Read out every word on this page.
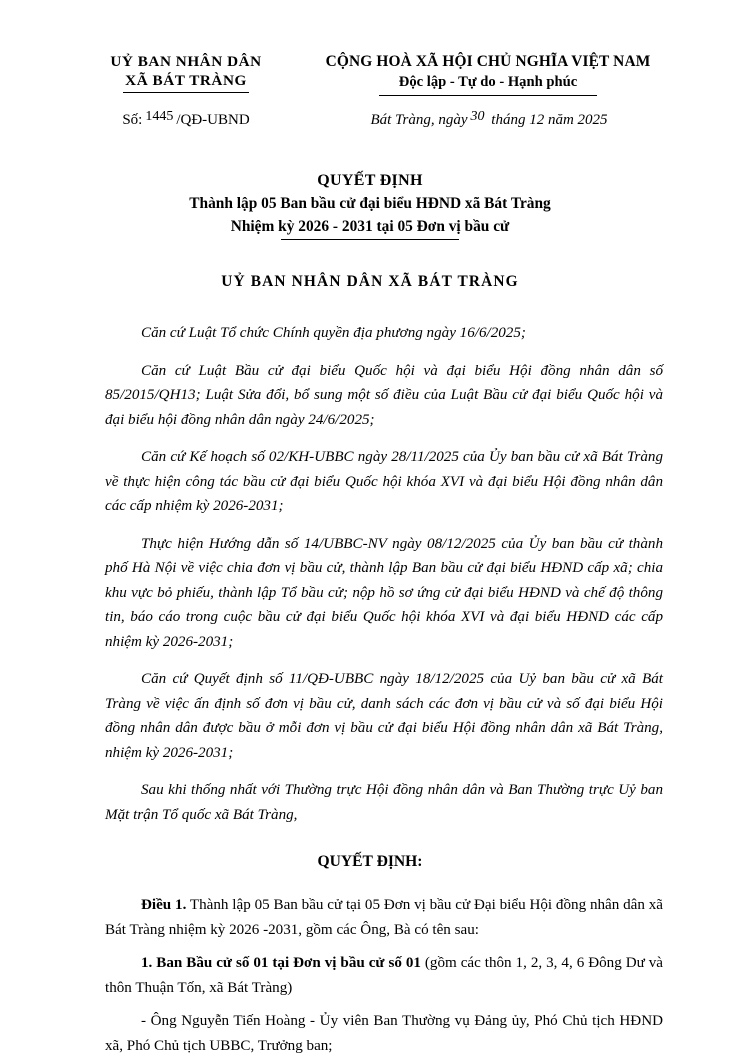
UỶ BAN NHÂN DÂN
XÃ BÁT TRÀNG
CỘNG HOÀ XÃ HỘI CHỦ NGHĨA VIỆT NAM
Độc lập - Tự do - Hạnh phúc
Số: 1445 /QĐ-UBND	Bát Tràng, ngày 30 tháng 12 năm 2025
QUYẾT ĐỊNH
Thành lập 05 Ban bầu cử đại biểu HĐND xã Bát Tràng
Nhiệm kỳ 2026 - 2031 tại 05 Đơn vị bầu cử
UỶ BAN NHÂN DÂN XÃ BÁT TRÀNG

Căn cứ Luật Tổ chức Chính quyền địa phương ngày 16/6/2025;

Căn cứ Luật Bầu cử đại biểu Quốc hội và đại biểu Hội đồng nhân dân số 85/2015/QH13; Luật Sửa đổi, bổ sung một số điều của Luật Bầu cử đại biểu Quốc hội và đại biểu hội đồng nhân dân ngày 24/6/2025;

Căn cứ Kế hoạch số 02/KH-UBBC ngày 28/11/2025 của Ủy ban bầu cử xã Bát Tràng về thực hiện công tác bầu cử đại biểu Quốc hội khóa XVI và đại biểu Hội đồng nhân dân các cấp nhiệm kỳ 2026-2031;

Thực hiện Hướng dẫn số 14/UBBC-NV ngày 08/12/2025 của Ủy ban bầu cử thành phố Hà Nội về việc chia đơn vị bầu cử, thành lập Ban bầu cử đại biểu HĐND cấp xã; chia khu vực bỏ phiếu, thành lập Tổ bầu cử; nộp hồ sơ ứng cử đại biểu HĐND và chế độ thông tin, báo cáo trong cuộc bầu cử đại biểu Quốc hội khóa XVI và đại biểu HĐND các cấp nhiệm kỳ 2026-2031;

Căn cứ Quyết định số 11/QĐ-UBBC ngày 18/12/2025 của Uỷ ban bầu cử xã Bát Tràng về việc ấn định số đơn vị bầu cử, danh sách các đơn vị bầu cử và số đại biểu Hội đồng nhân dân được bầu ở mỗi đơn vị bầu cử đại biểu Hội đồng nhân dân xã Bát Tràng, nhiệm kỳ 2026-2031;

Sau khi thống nhất với Thường trực Hội đồng nhân dân và Ban Thường trực Uỷ ban Mặt trận Tổ quốc xã Bát Tràng,

QUYẾT ĐỊNH:

Điều 1. Thành lập 05 Ban bầu cử tại 05 Đơn vị bầu cử Đại biểu Hội đồng nhân dân xã Bát Tràng nhiệm kỳ 2026 -2031, gồm các Ông, Bà có tên sau:

1. Ban Bầu cử số 01 tại Đơn vị bầu cử số 01 (gồm các thôn 1, 2, 3, 4, 6 Đông Dư và thôn Thuận Tốn, xã Bát Tràng)

- Ông Nguyễn Tiến Hoàng - Ủy viên Ban Thường vụ Đảng ủy, Phó Chủ tịch HĐND xã, Phó Chủ tịch UBBC, Trưởng ban;
